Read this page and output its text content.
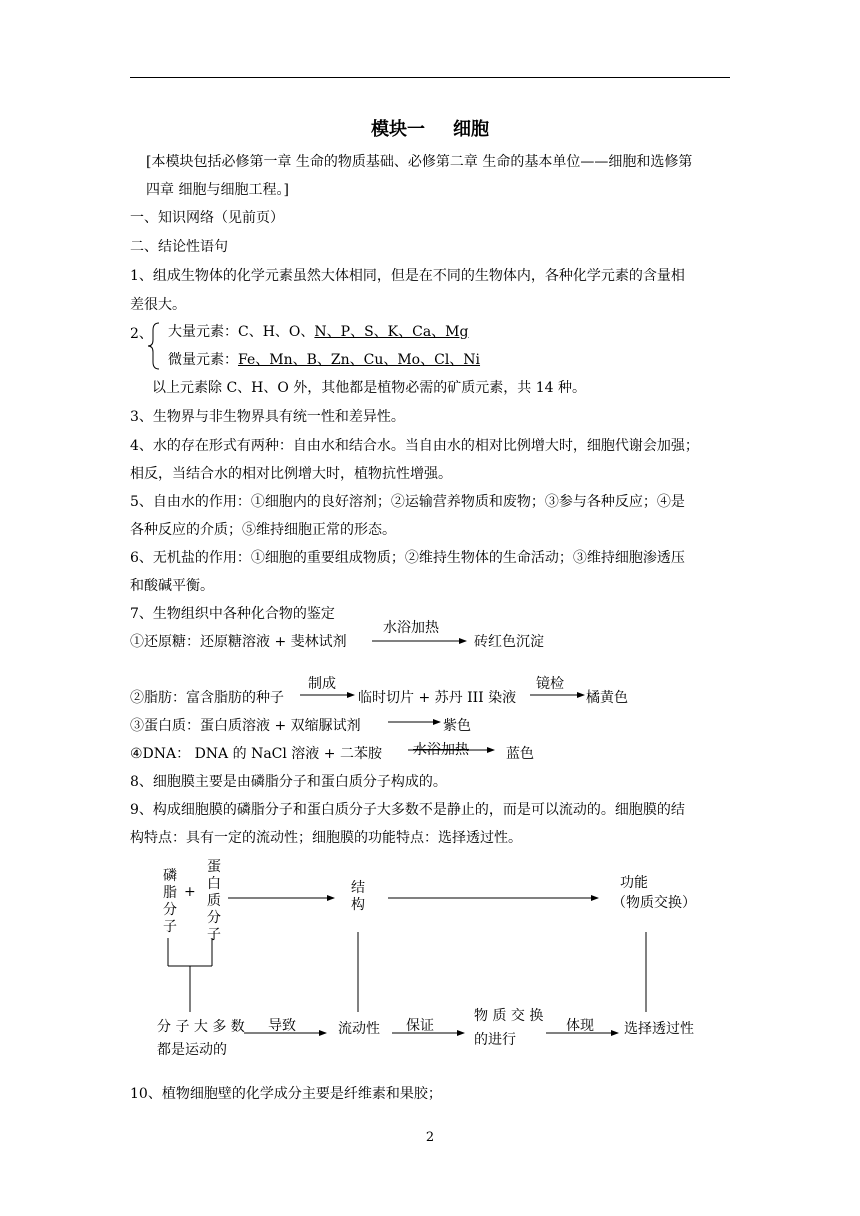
模块一 细胞
[本模块包括必修第一章 生命的物质基础、必修第二章 生命的基本单位——细胞和选修第
四章 细胞与细胞工程。]
一、知识网络（见前页）
二、结论性语句
1、组成生物体的化学元素虽然大体相同，但是在不同的生物体内，各种化学元素的含量相
差很大。
2、 大量元素：C、H、O、N、P、S、K、Ca、Mg
微量元素：Fe、Mn、B、Zn、Cu、Mo、Cl、Ni
以上元素除 C、H、O 外，其他都是植物必需的矿质元素，共 14 种。
3、生物界与非生物界具有统一性和差异性。
4、水的存在形式有两种：自由水和结合水。当自由水的相对比例增大时，细胞代谢会加强；
相反，当结合水的相对比例增大时，植物抗性增强。
5、自由水的作用：①细胞内的良好溶剂；②运输营养物质和废物；③参与各种反应；④是
各种反应的介质；⑤维持细胞正常的形态。
6、无机盐的作用：①细胞的重要组成物质；②维持生物体的生命活动；③维持细胞渗透压
和酸碱平衡。
7、生物组织中各种化合物的鉴定
水浴加热
①还原糖：还原糖溶液 + 斐林试剂	砖红色沉淀
制成	镜检
②脂肪：富含脂肪的种子	临时切片 + 苏丹 III 染液	橘黄色
③蛋白质：蛋白质溶液 + 双缩脲试剂	紫色
④DNA： DNA 的 NaCl 溶液 + 二苯胺 水浴加热	蓝色
8、细胞膜主要是由磷脂分子和蛋白质分子构成的。
9、构成细胞膜的磷脂分子和蛋白质分子大多数不是静止的，而是可以流动的。细胞膜的结
构特点：具有一定的流动性；细胞膜的功能特点：选择透过性。
磷脂分子
+
蛋白质分子
结构
功能
（物质交换）
分 子 大 多 数
都是运动的
导致	流动性 保证
物 质 交 换
的进行
体现 选择透过性
10、植物细胞壁的化学成分主要是纤维素和果胶；
2
